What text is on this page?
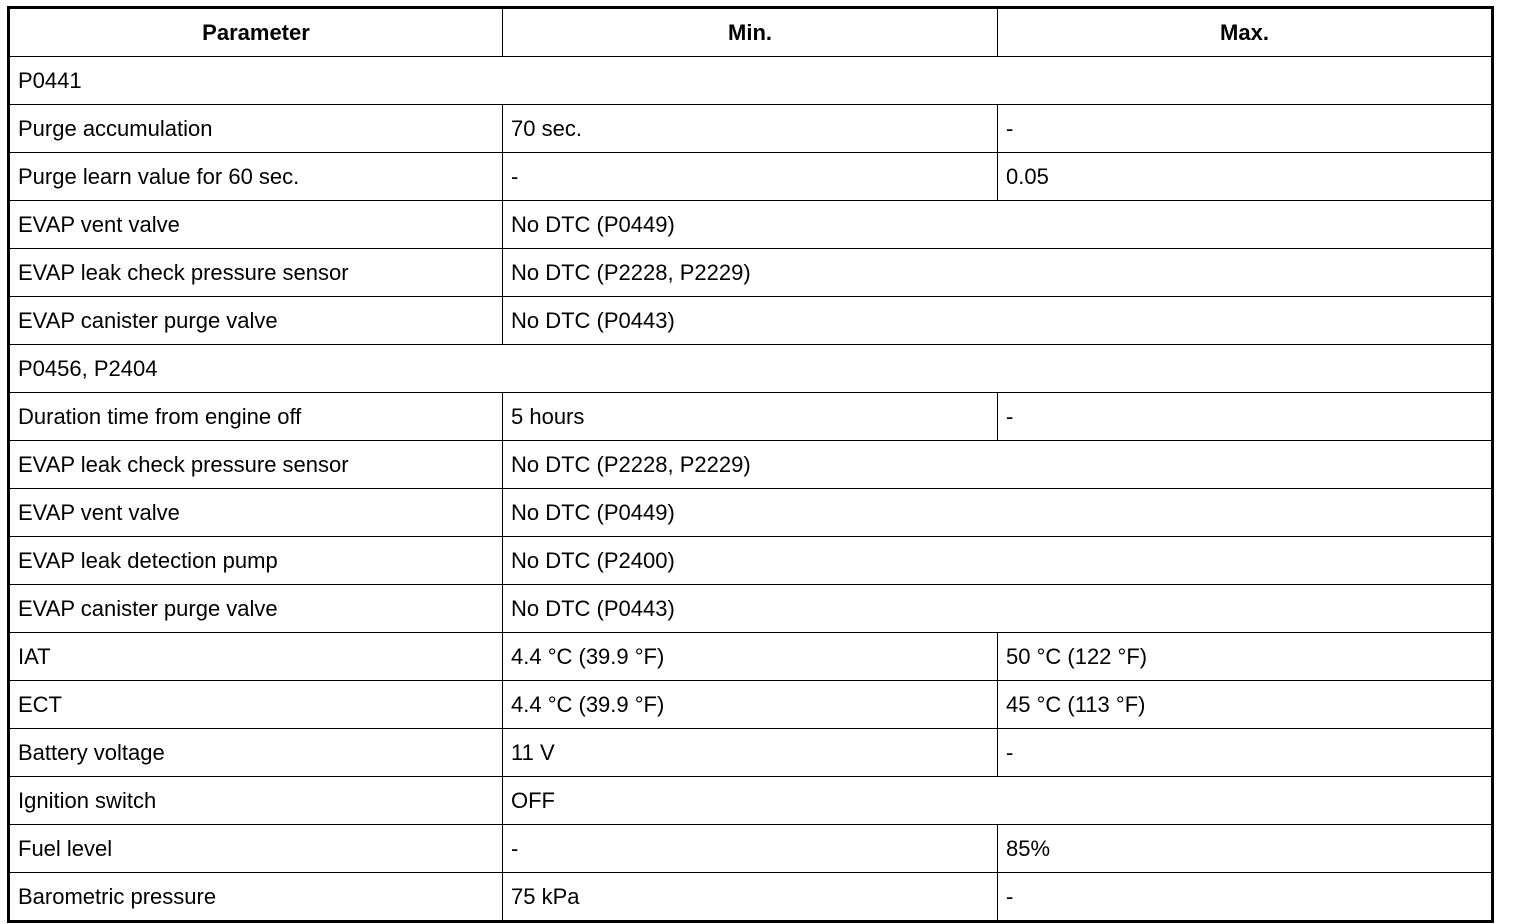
Parameter	Min.	Max.
P0441		
Purge accumulation	70 sec.	-
Purge learn value for 60 sec.	-	0.05
EVAP vent valve	No DTC (P0449)	
EVAP leak check pressure sensor	No DTC (P2228, P2229)	
EVAP canister purge valve	No DTC (P0443)	
P0456, P2404		
Duration time from engine off	5 hours	-
EVAP leak check pressure sensor	No DTC (P2228, P2229)	
EVAP vent valve	No DTC (P0449)	
EVAP leak detection pump	No DTC (P2400)	
EVAP canister purge valve	No DTC (P0443)	
IAT	4.4 °C (39.9 °F)	50 °C (122 °F)
ECT	4.4 °C (39.9 °F)	45 °C (113 °F)
Battery voltage	11 V	-
Ignition switch	OFF	
Fuel level	-	85%
Barometric pressure	75 kPa	-
